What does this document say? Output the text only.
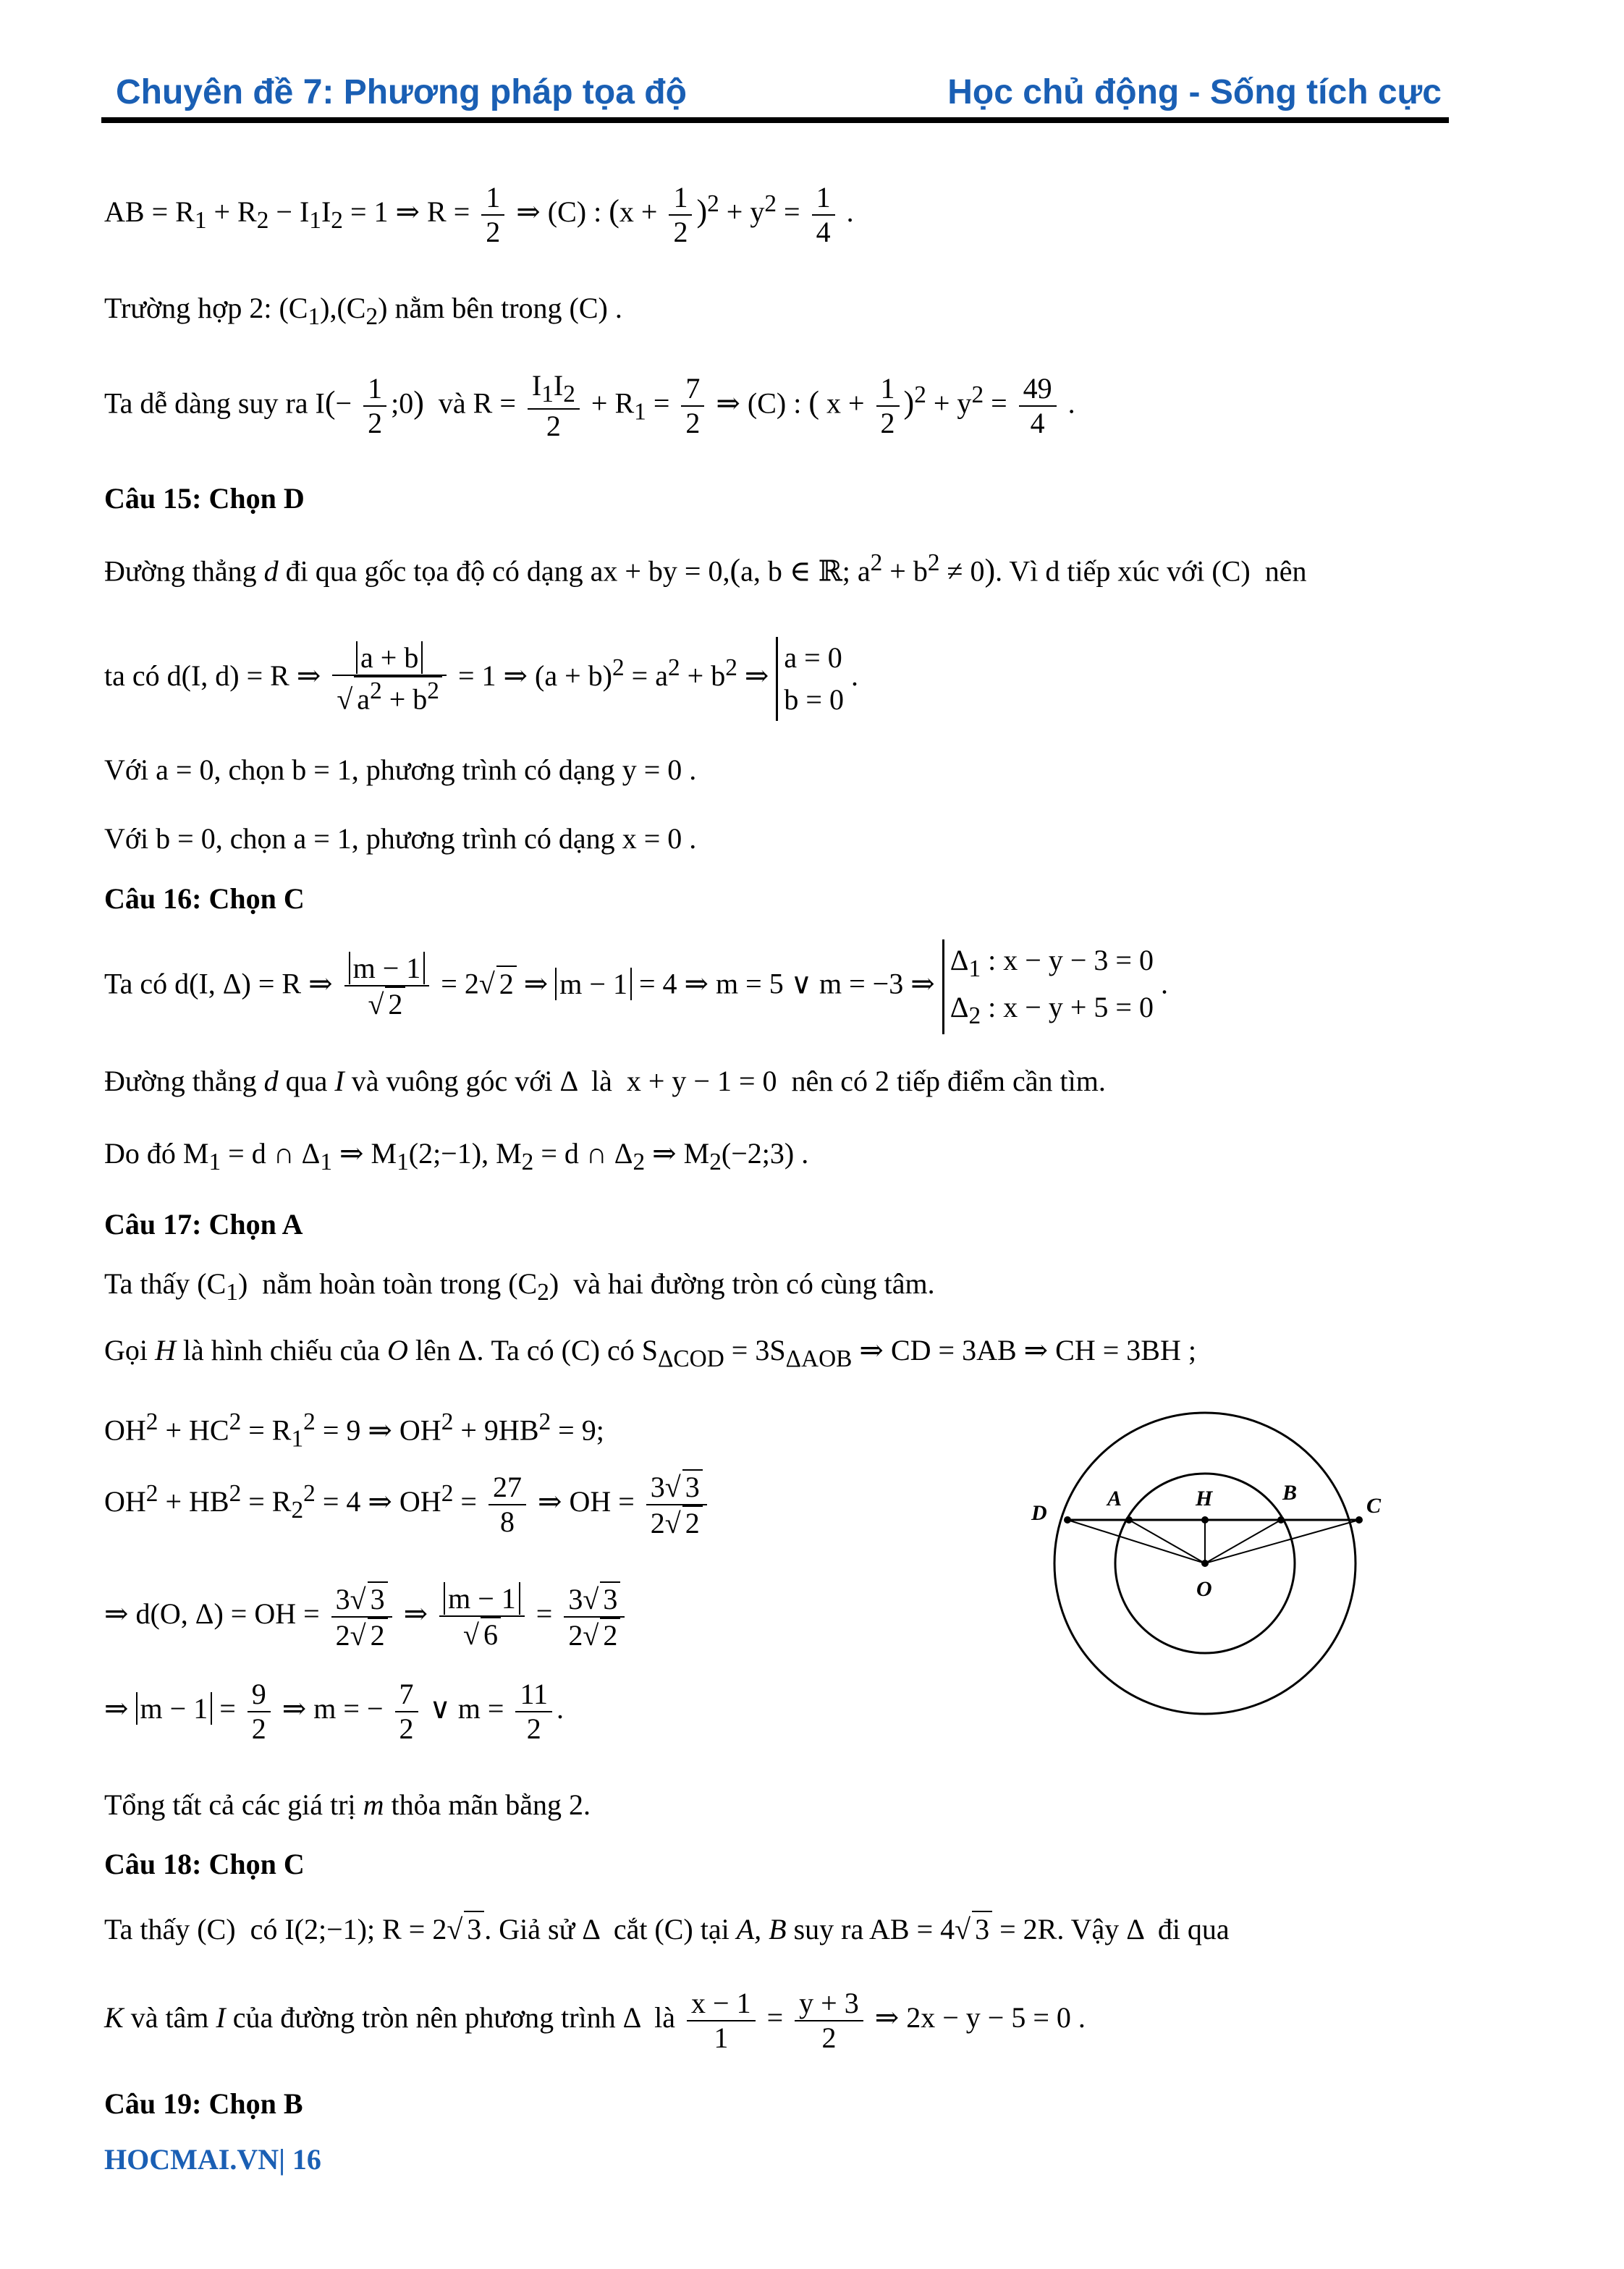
Chuyên đề 7: Phương pháp tọa độ	Học chủ động - Sống tích cực
AB = $R_1 + R_2 - I_1I_2 = 1$ ⇒ $R = \frac{1}{2}$ ⇒ (C) : $(x + \frac{1}{2} )^2 + y^2 = \frac{1}{4}$ .
Trường hợp 2: $(C_1),(C_2)$ nằm bên trong (C) .
Ta dễ dàng suy ra $I(- \frac{1}{2}$ ;0) và $R = \frac{I_1I_2}{2} + R_1 = \frac{7}{2}$ ⇒ (C) : ( $x + \frac{1}{2} )^2 + y^2 = \frac{49}{4}$ .
Câu 15: Chọn D
Đường thẳng d đi qua gốc tọa độ có dạng ax + by = 0,(a, b ∈ ℝ; $a^2 + b^2 \ne 0$). Vì d tiếp xúc với (C)  nên
ta có d(I, d) = R ⇒ $\frac{a + b}{√ a^2 + b^2} = 1$ ⇒ $(a + b)^2 = a^2 + b^2$ ⇒
a = 0
b = 0
.
Với a = 0, chọn b = 1, phương trình có dạng y = 0 .
Với b = 0, chọn a = 1, phương trình có dạng x = 0 .
Câu 16: Chọn C
Ta có d(I, Δ) = R ⇒ $\frac{m - 1}{√ 2} = 2√$ 2 ⇒ m − 1 = 4 ⇒ m = 5 ∨ m = −3 ⇒
$\Delta_1$ : x − y − 3 = 0
$\Delta_2$ : x − y + 5 = 0
.
Đường thẳng d qua I và vuông góc với Δ  là  x + y − 1 = 0  nên có 2 tiếp điểm cần tìm.
Do đó $M_1 = d$ ∩ $\Delta_1$ ⇒ $M_1(2;-1)$, $M_2 = d$ ∩ $\Delta_2$ ⇒ $M_2(-2;3)$ .
Câu 17: Chọn A
Ta thấy $(C_1)$  nằm hoàn toàn trong $(C_2)$  và hai đường tròn có cùng tâm.
Gọi H là hình chiếu của O lên Δ. Ta có (C) có $S_{\Delta COD} = 3S_{\Delta AOB}$ ⇒ CD = 3AB ⇒ CH = 3BH ;
$OH^2 + HC^2 = R_1^2 = 9$ ⇒ $OH^2 + 9HB^2 = 9$;
$OH^2 + HB^2 = R_2^2 = 4$ ⇒ $OH^2 = \frac{27}{8}$ ⇒ OH = $\frac{3√ 3}{2√ 2}$
⇒ d(O, Δ) = OH = $\frac{3√ 3}{2√ 2}$ ⇒ $\frac{m - 1}{√ 6} = \frac{3√ 3}{2√ 2}$
⇒ $m - 1 = \frac{9}{2}$ ⇒ m = − $\frac{7}{2}$ ∨ $m = \frac{11}{2}$ .
Tổng tất cả các giá trị m thỏa mãn bằng 2.
D
A	H	B
C
O
Câu 18: Chọn C
Ta thấy (C)  có I(2;−1); R = 2√ 3 . Giả sử Δ  cắt (C) tại A, B suy ra AB = 4√ 3 = 2R. Vậy Δ  đi qua
K và tâm I của đường tròn nên phương trình Δ  là $\frac{x - 1}{1} = \frac{y + 3}{2}$ ⇒ 2x − y − 5 = 0 .
Câu 19: Chọn B
HOCMAI.VN| 16
